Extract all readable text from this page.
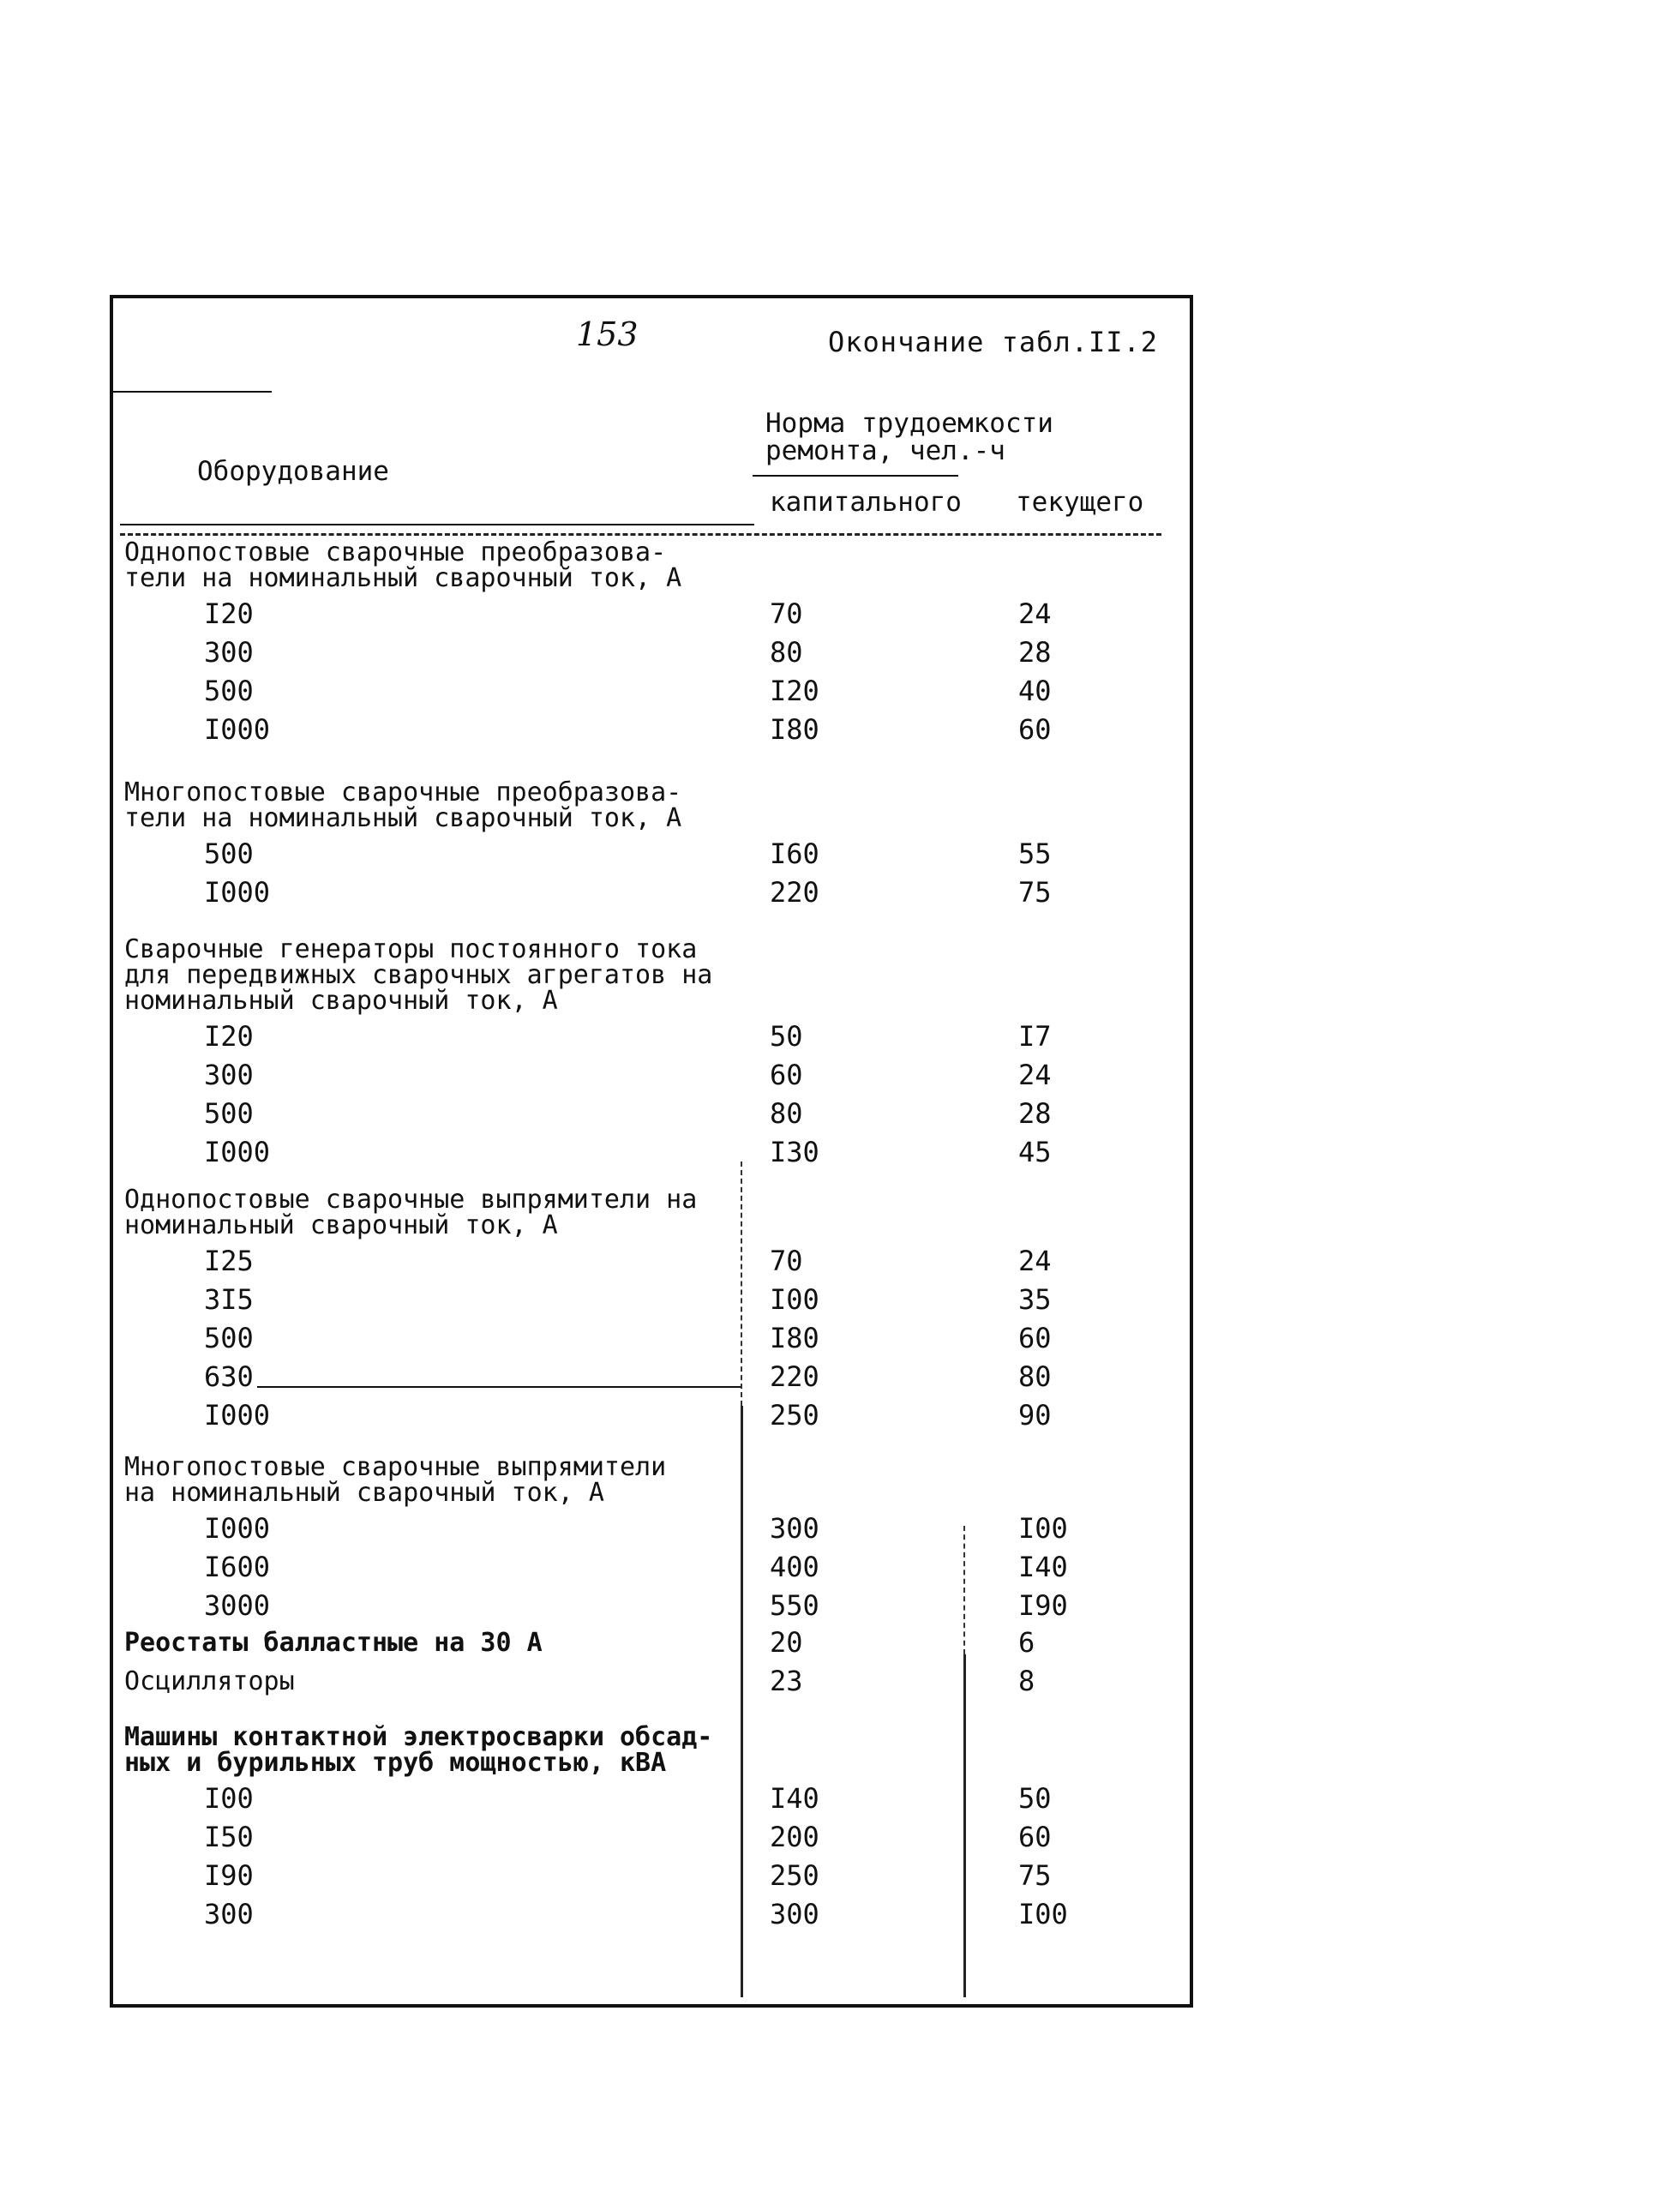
153	Окончание табл.II.2
Оборудование
Норма трудоемкости
ремонта, чел.-ч
капитального текущего
Однопостовые сварочные преобразова-
тели на номинальный сварочный ток, А
I20	70	24
300	80	28
500	I20	40
I000	I80	60
Многопостовые сварочные преобразова-
тели на номинальный сварочный ток, А
500	I60	55
I000	220	75
Сварочные генераторы постоянного тока
для передвижных сварочных агрегатов на
номинальный сварочный ток, А
I20	50	I7
300	60	24
500	80	28
I000	I30	45
Однопостовые сварочные выпрямители на
номинальный сварочный ток, А
I25	70	24
3I5	I00	35
500	I80	60
630	220	80
I000	250	90
Многопостовые сварочные выпрямители
на номинальный сварочный ток, А
I000	300	I00
I600	400	I40
3000	550	I90
Реостаты балластные на 30 А	20	6
Осцилляторы	23	8
Машины контактной электросварки обсад-
ных и бурильных труб мощностью, кВА
I00	I40	50
I50	200	60
I90	250	75
300	300	I00
